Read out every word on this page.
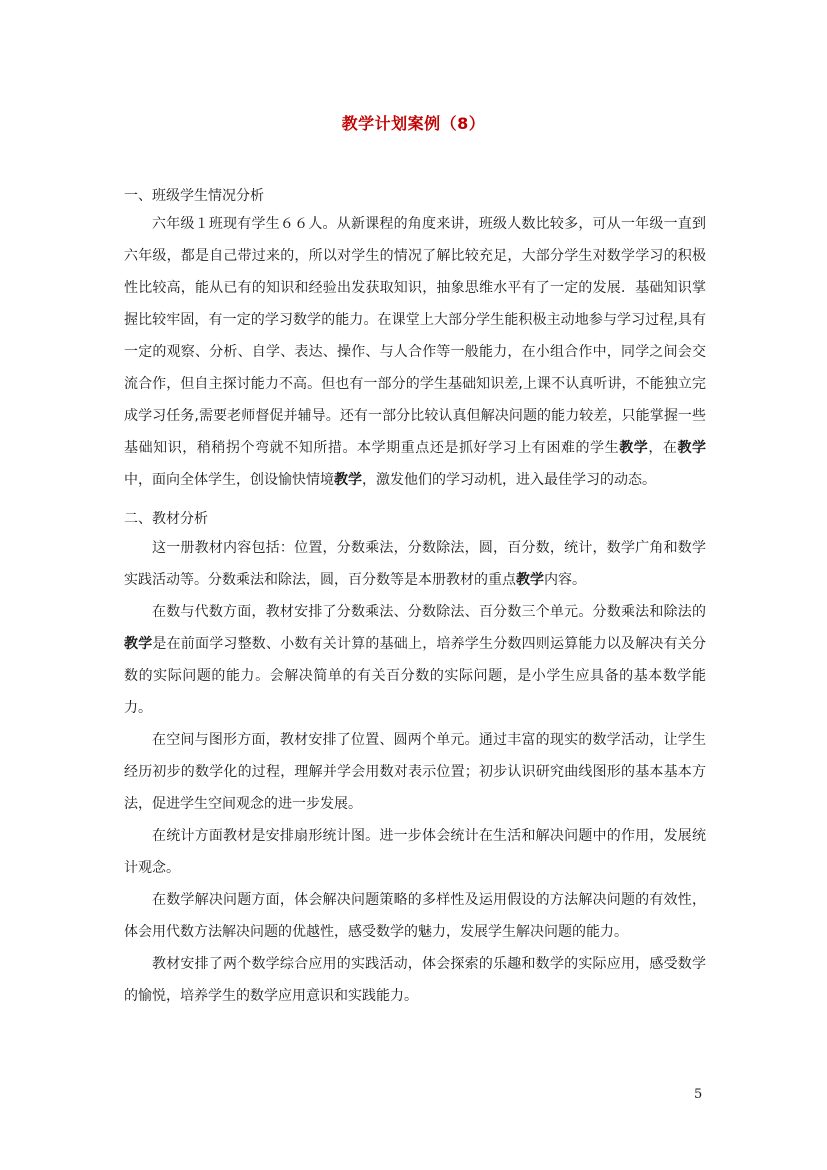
教学计划案例（8）

一、班级学生情况分析

六年级１班现有学生６６人。从新课程的角度来讲，班级人数比较多，可从一年级一直到六年级，都是自己带过来的，所以对学生的情况了解比较充足，大部分学生对数学学习的积极性比较高，能从已有的知识和经验出发获取知识，抽象思维水平有了一定的发展．基础知识掌握比较牢固，有一定的学习数学的能力。在课堂上大部分学生能积极主动地参与学习过程,具有一定的观察、分析、自学、表达、操作、与人合作等一般能力，在小组合作中，同学之间会交流合作，但自主探讨能力不高。但也有一部分的学生基础知识差,上课不认真听讲，不能独立完成学习任务,需要老师督促并辅导。还有一部分比较认真但解决问题的能力较差，只能掌握一些基础知识，稍稍拐个弯就不知所措。本学期重点还是抓好学习上有困难的学生教学，在教学中，面向全体学生，创设愉快情境教学，激发他们的学习动机，进入最佳学习的动态。

二、教材分析

这一册教材内容包括：位置，分数乘法，分数除法，圆，百分数，统计，数学广角和数学实践活动等。分数乘法和除法，圆，百分数等是本册教材的重点教学内容。

在数与代数方面，教材安排了分数乘法、分数除法、百分数三个单元。分数乘法和除法的教学是在前面学习整数、小数有关计算的基础上，培养学生分数四则运算能力以及解决有关分数的实际问题的能力。会解决简单的有关百分数的实际问题，是小学生应具备的基本数学能力。

在空间与图形方面，教材安排了位置、圆两个单元。通过丰富的现实的数学活动，让学生经历初步的数学化的过程，理解并学会用数对表示位置；初步认识研究曲线图形的基本基本方法，促进学生空间观念的进一步发展。

在统计方面教材是安排扇形统计图。进一步体会统计在生活和解决问题中的作用，发展统计观念。

在数学解决问题方面，体会解决问题策略的多样性及运用假设的方法解决问题的有效性，体会用代数方法解决问题的优越性，感受数学的魅力，发展学生解决问题的能力。

教材安排了两个数学综合应用的实践活动，体会探索的乐趣和数学的实际应用，感受数学的愉悦，培养学生的数学应用意识和实践能力。

5
